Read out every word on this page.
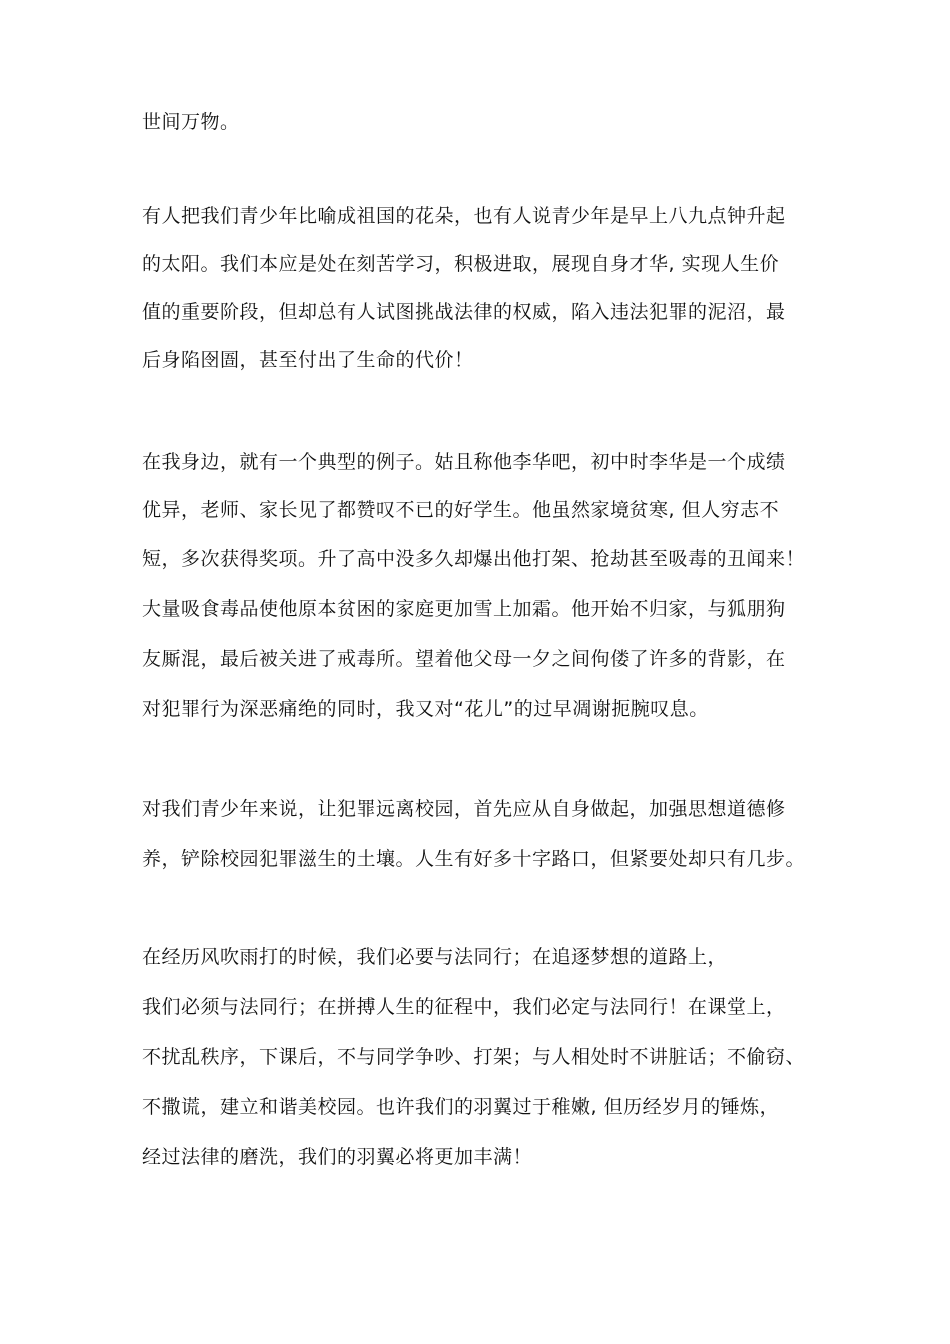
世间万物。
有人把我们青少年比喻成祖国的花朵，也有人说青少年是早上八九点钟升起
的太阳。我们本应是处在刻苦学习，积极进取，展现自身才华, 实现人生价
值的重要阶段，但却总有人试图挑战法律的权威，陷入违法犯罪的泥沼，最
后身陷囹圄，甚至付出了生命的代价！
在我身边，就有一个典型的例子。姑且称他李华吧，初中时李华是一个成绩
优异，老师、家长见了都赞叹不已的好学生。他虽然家境贫寒, 但人穷志不
短，多次获得奖项。升了高中没多久却爆出他打架、抢劫甚至吸毒的丑闻来！
大量吸食毒品使他原本贫困的家庭更加雪上加霜。他开始不归家，与狐朋狗
友厮混，最后被关进了戒毒所。望着他父母一夕之间佝偻了许多的背影，在
对犯罪行为深恶痛绝的同时，我又对“花儿”的过早凋谢扼腕叹息。
对我们青少年来说，让犯罪远离校园，首先应从自身做起，加强思想道德修
养，铲除校园犯罪滋生的土壤。人生有好多十字路口，但紧要处却只有几步。
在经历风吹雨打的时候，我们必要与法同行；在追逐梦想的道路上，
我们必须与法同行；在拼搏人生的征程中，我们必定与法同行！在课堂上，
不扰乱秩序，下课后，不与同学争吵、打架；与人相处时不讲脏话；不偷窃、
不撒谎，建立和谐美校园。也许我们的羽翼过于稚嫩, 但历经岁月的锤炼，
经过法律的磨洗，我们的羽翼必将更加丰满！
